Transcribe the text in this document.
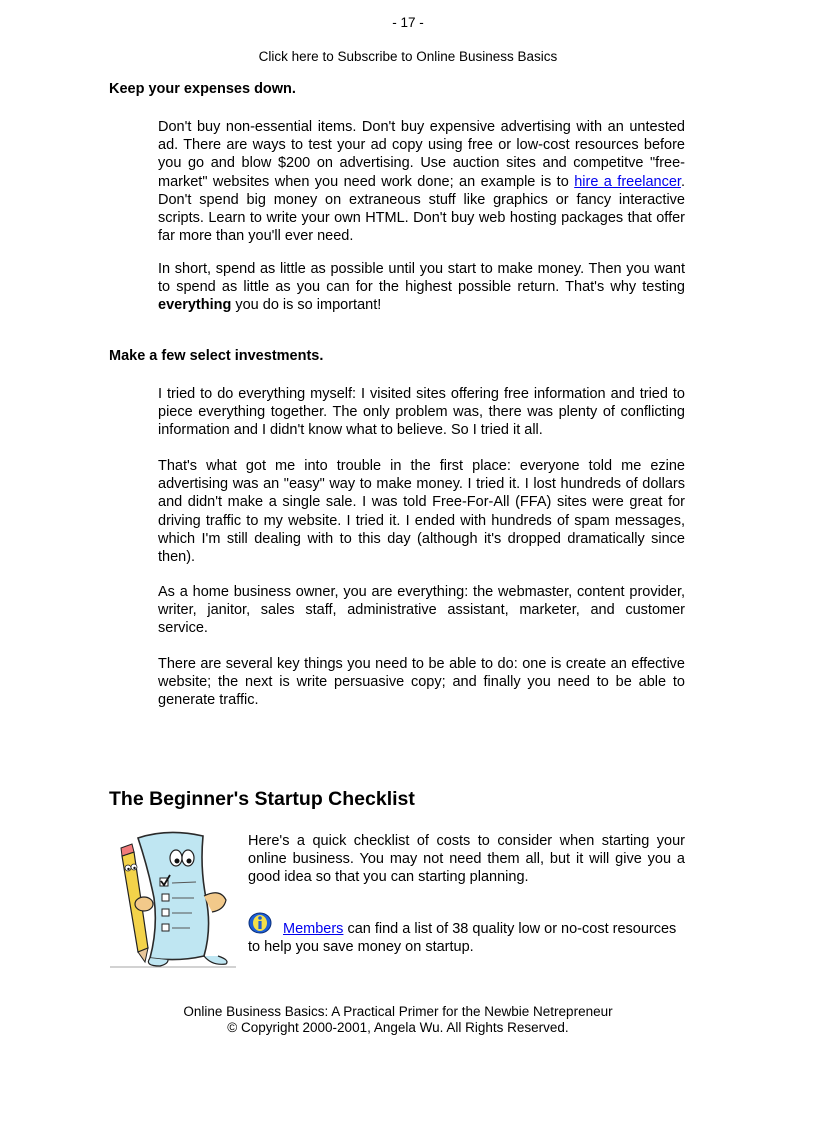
- 17 -
Click here to Subscribe to Online Business Basics
Keep your expenses down.

Don't buy non-essential items. Don't buy expensive advertising with an untested ad. There are ways to test your ad copy using free or low-cost resources before you go and blow $200 on advertising. Use auction sites and competitve "free-market" websites when you need work done; an example is to hire a freelancer. Don't spend big money on extraneous stuff like graphics or fancy interactive scripts. Learn to write your own HTML. Don't buy web hosting packages that offer far more than you'll ever need.

In short, spend as little as possible until you start to make money. Then you want to spend as little as you can for the highest possible return. That's why testing everything you do is so important!

Make a few select investments.

I tried to do everything myself: I visited sites offering free information and tried to piece everything together. The only problem was, there was plenty of conflicting information and I didn't know what to believe. So I tried it all.

That's what got me into trouble in the first place: everyone told me ezine advertising was an "easy" way to make money. I tried it. I lost hundreds of dollars and didn't make a single sale. I was told Free-For-All (FFA) sites were great for driving traffic to my website. I tried it. I ended with hundreds of spam messages, which I'm still dealing with to this day (although it's dropped dramatically since then).

As a home business owner, you are everything: the webmaster, content provider, writer, janitor, sales staff, administrative assistant, marketer, and customer service.

There are several key things you need to be able to do: one is create an effective website; the next is write persuasive copy; and finally you need to be able to generate traffic.

The Beginner's Startup Checklist

Here's a quick checklist of costs to consider when starting your online business. You may not need them all, but it will give you a good idea so that you can starting planning.

Members can find a list of 38 quality low or no-cost resources to help you save money on startup.

Online Business Basics: A Practical Primer for the Newbie Netrepreneur
© Copyright 2000-2001, Angela Wu. All Rights Reserved.
